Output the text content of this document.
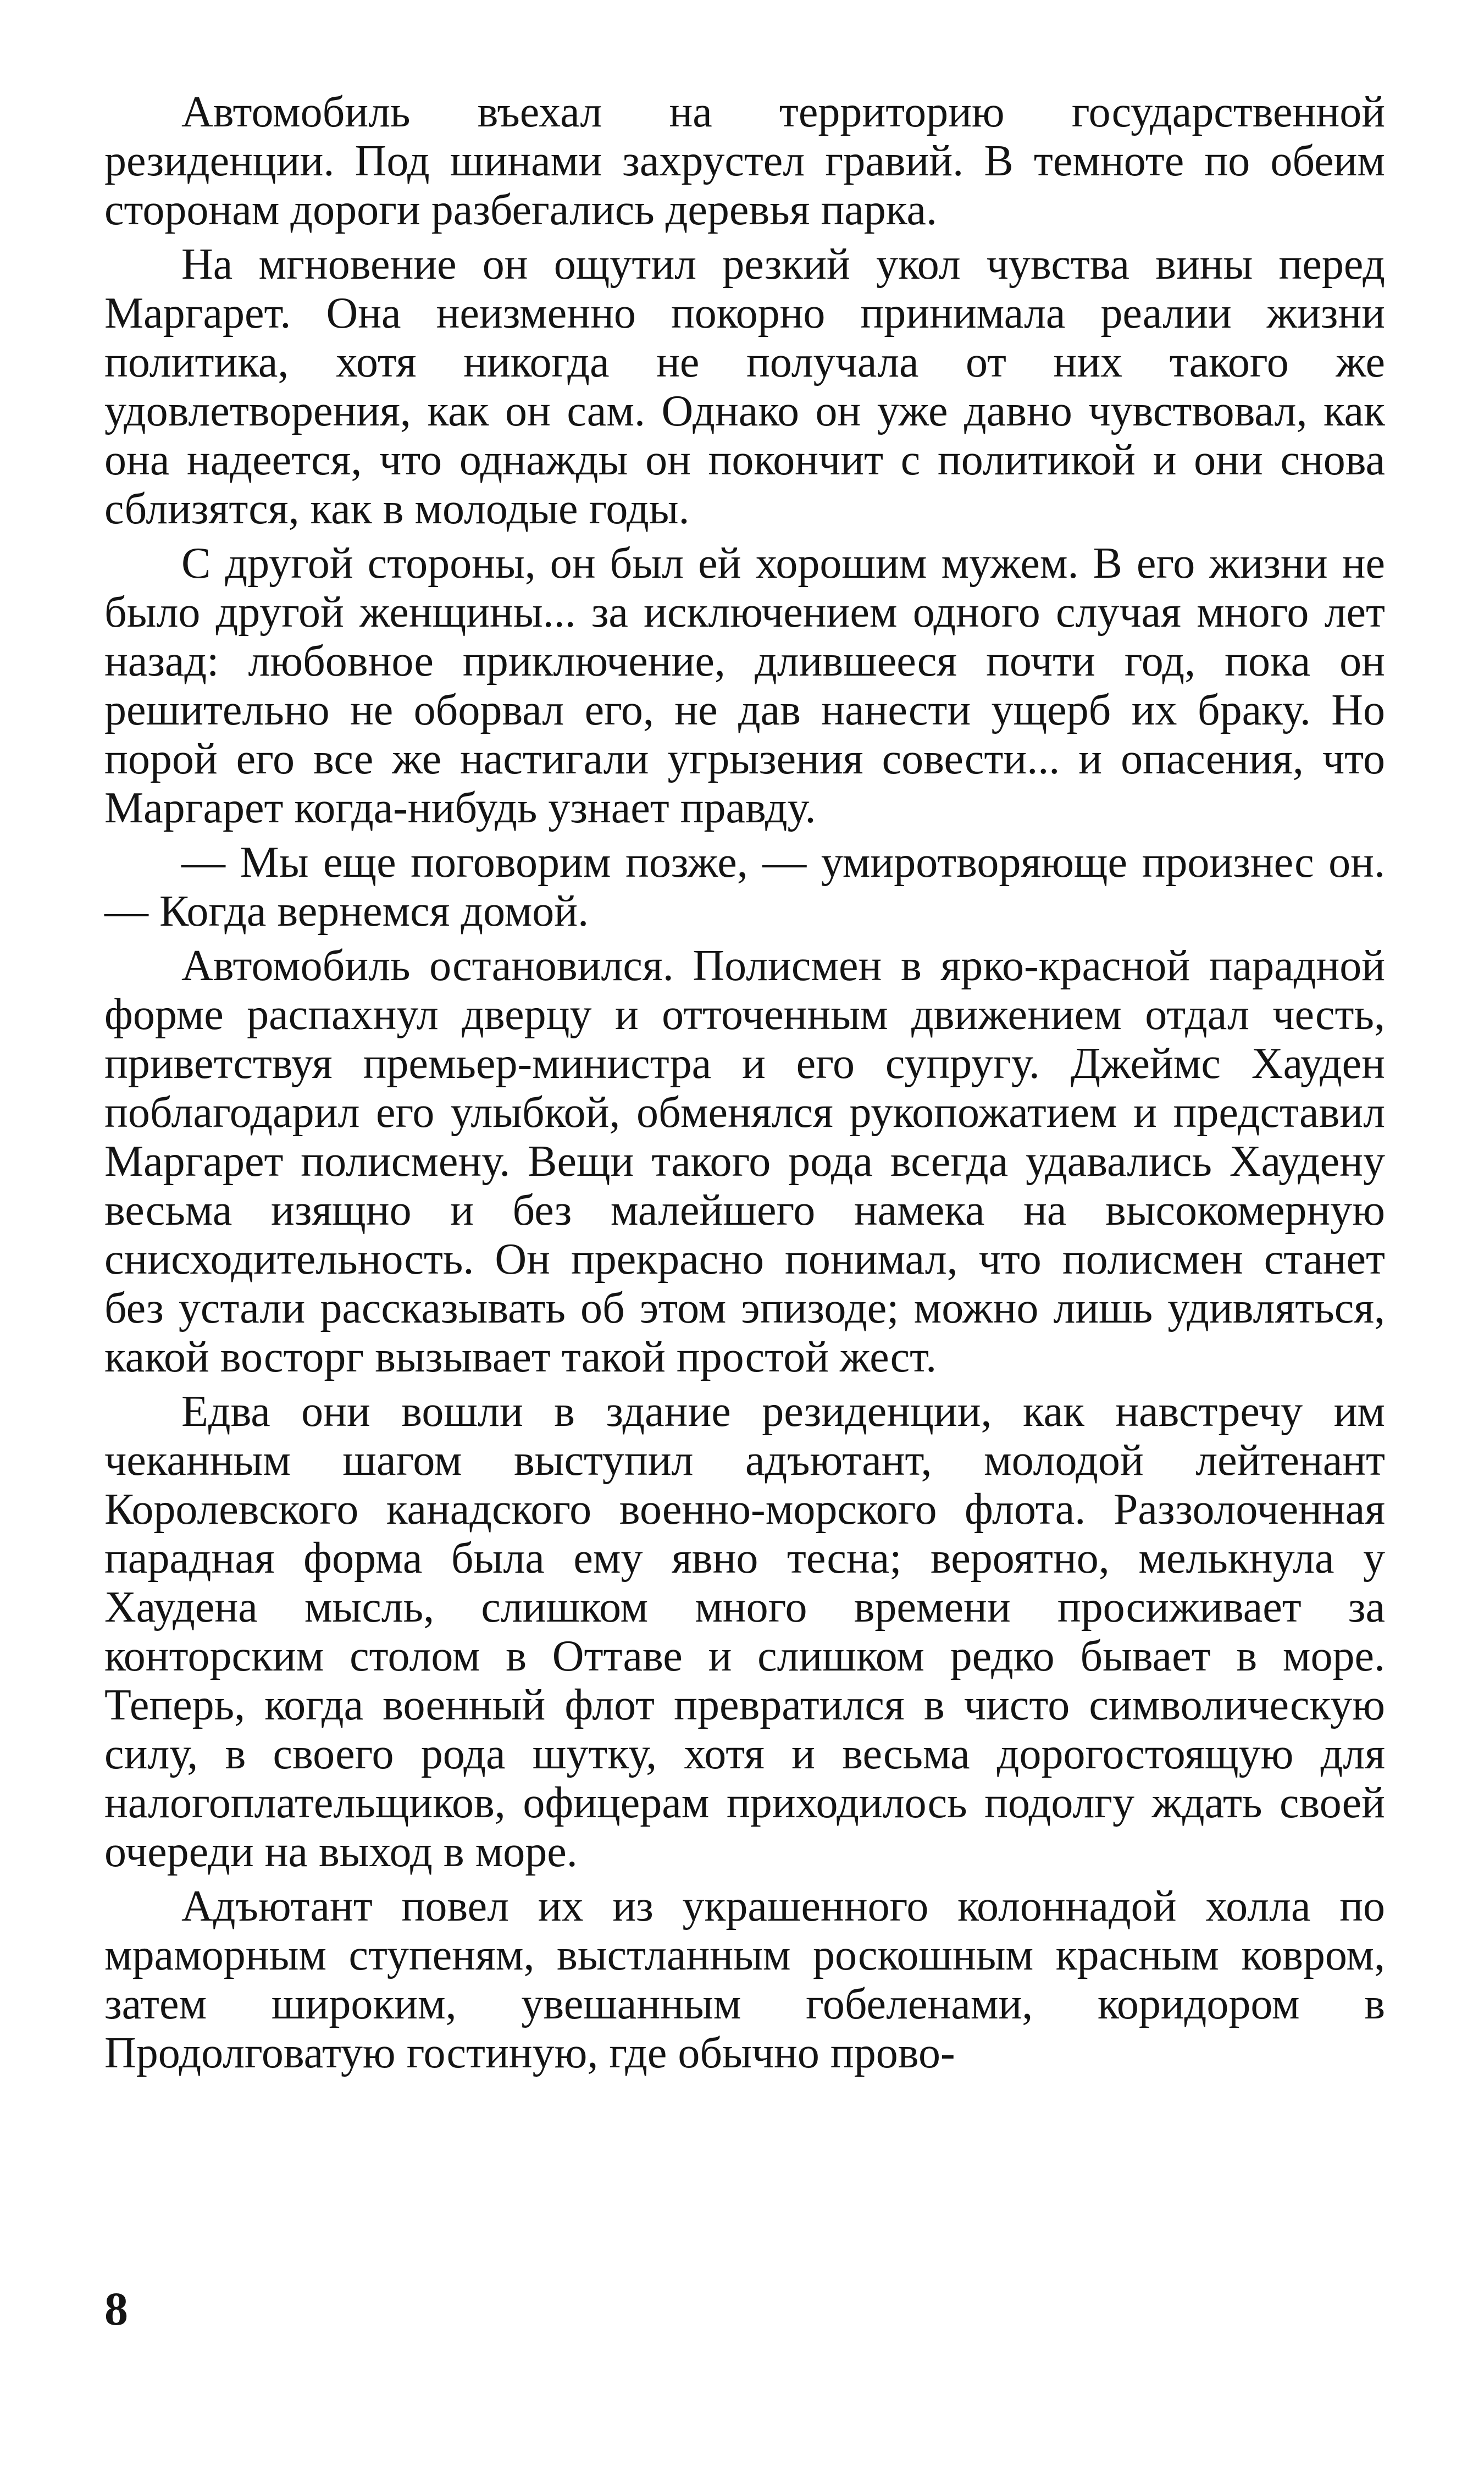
Автомобиль въехал на территорию государственной резиденции. Под шинами захрустел гравий. В темноте по обеим сторонам дороги разбегались деревья парка.

На мгновение он ощутил резкий укол чувства вины перед Маргарет. Она неизменно покорно принимала реалии жизни политика, хотя никогда не получала от них такого же удовлетворения, как он сам. Однако он уже давно чувствовал, как она надеется, что однажды он покончит с политикой и они снова сблизятся, как в молодые годы.

С другой стороны, он был ей хорошим мужем. В его жизни не было другой женщины... за исключением одного случая много лет назад: любовное приключение, длившееся почти год, пока он решительно не оборвал его, не дав нанести ущерб их браку. Но порой его все же настигали угрызения совести... и опасения, что Маргарет когда-нибудь узнает правду.

— Мы еще поговорим позже, — умиротворяюще произнес он. — Когда вернемся домой.

Автомобиль остановился. Полисмен в ярко-красной парадной форме распахнул дверцу и отточенным движением отдал честь, приветствуя премьер-министра и его супругу. Джеймс Хауден поблагодарил его улыбкой, обменялся рукопожатием и представил Маргарет полисмену. Вещи такого рода всегда удавались Хаудену весьма изящно и без малейшего намека на высокомерную снисходительность. Он прекрасно понимал, что полисмен станет без устали рассказывать об этом эпизоде; можно лишь удивляться, какой восторг вызывает такой простой жест.

Едва они вошли в здание резиденции, как навстречу им чеканным шагом выступил адъютант, молодой лейтенант Королевского канадского военно-морского флота. Раззолоченная парадная форма была ему явно тесна; вероятно, мелькнула у Хаудена мысль, слишком много времени просиживает за конторским столом в Оттаве и слишком редко бывает в море. Теперь, когда военный флот превратился в чисто символическую силу, в своего рода шутку, хотя и весьма дорогостоящую для налогоплательщиков, офицерам приходилось подолгу ждать своей очереди на выход в море.

Адъютант повел их из украшенного колоннадой холла по мраморным ступеням, выстланным роскошным красным ковром, затем широким, увешанным гобеленами, коридором в Продолговатую гостиную, где обычно прово-

8
